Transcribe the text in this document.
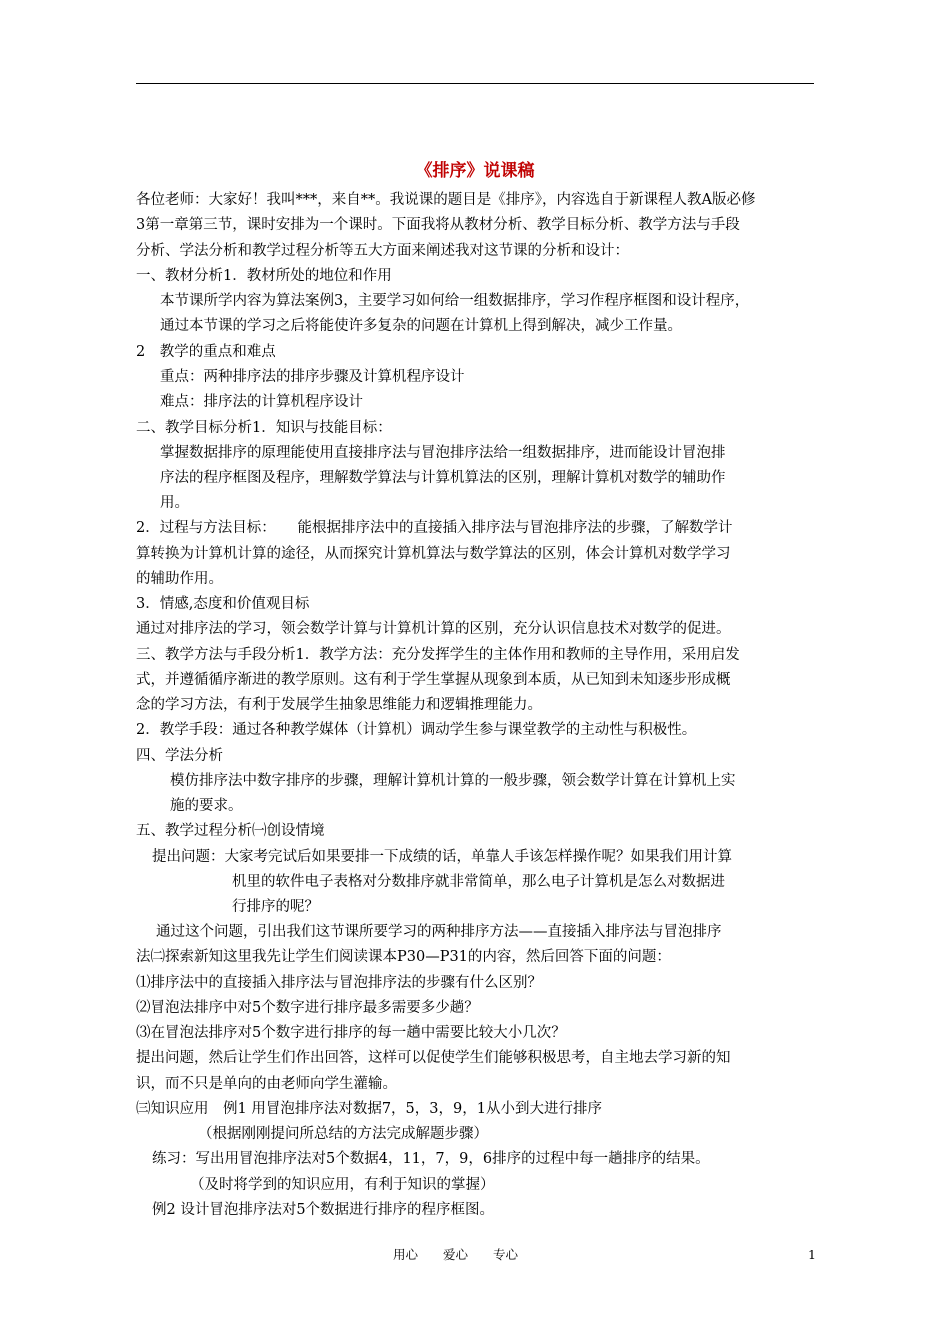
《排序》说课稿
各位老师：大家好！我叫***，来自**。我说课的题目是《排序》，内容选自于新课程人教A版必修
3第一章第三节，课时安排为一个课时。下面我将从教材分析、教学目标分析、教学方法与手段
分析、学法分析和教学过程分析等五大方面来阐述我对这节课的分析和设计：
一、教材分析1．教材所处的地位和作用
本节课所学内容为算法案例3，主要学习如何给一组数据排序，学习作程序框图和设计程序，
通过本节课的学习之后将能使许多复杂的问题在计算机上得到解决，减少工作量。
2　教学的重点和难点
重点：两种排序法的排序步骤及计算机程序设计
难点：排序法的计算机程序设计
二、教学目标分析1．知识与技能目标：
掌握数据排序的原理能使用直接排序法与冒泡排序法给一组数据排序，进而能设计冒泡排
序法的程序框图及程序，理解数学算法与计算机算法的区别，理解计算机对数学的辅助作
用。
2．过程与方法目标：　　能根据排序法中的直接插入排序法与冒泡排序法的步骤，了解数学计
算转换为计算机计算的途径，从而探究计算机算法与数学算法的区别，体会计算机对数学学习
的辅助作用。
3．情感,态度和价值观目标
通过对排序法的学习，领会数学计算与计算机计算的区别，充分认识信息技术对数学的促进。
三、教学方法与手段分析1．教学方法：充分发挥学生的主体作用和教师的主导作用，采用启发
式，并遵循循序渐进的教学原则。这有利于学生掌握从现象到本质，从已知到未知逐步形成概
念的学习方法，有利于发展学生抽象思维能力和逻辑推理能力。
2．教学手段：通过各种教学媒体（计算机）调动学生参与课堂教学的主动性与积极性。
四、学法分析
模仿排序法中数字排序的步骤，理解计算机计算的一般步骤，领会数学计算在计算机上实
施的要求。
五、教学过程分析㈠创设情境
提出问题：大家考完试后如果要排一下成绩的话，单靠人手该怎样操作呢？如果我们用计算
机里的软件电子表格对分数排序就非常简单，那么电子计算机是怎么对数据进
行排序的呢？
通过这个问题，引出我们这节课所要学习的两种排序方法——直接插入排序法与冒泡排序
法㈡探索新知这里我先让学生们阅读课本P30—P31的内容，然后回答下面的问题：
⑴排序法中的直接插入排序法与冒泡排序法的步骤有什么区别？
⑵冒泡法排序中对5个数字进行排序最多需要多少趟？
⑶在冒泡法排序对5个数字进行排序的每一趟中需要比较大小几次？
提出问题，然后让学生们作出回答，这样可以促使学生们能够积极思考，自主地去学习新的知
识，而不只是单向的由老师向学生灌输。
㈢知识应用　例1 用冒泡排序法对数据7，5，3，9，1从小到大进行排序
（根据刚刚提问所总结的方法完成解题步骤）
练习：写出用冒泡排序法对5个数据4，11，7，9，6排序的过程中每一趟排序的结果。
（及时将学到的知识应用，有利于知识的掌握）
例2 设计冒泡排序法对5个数据进行排序的程序框图。
用心　　爱心　　专心	1
